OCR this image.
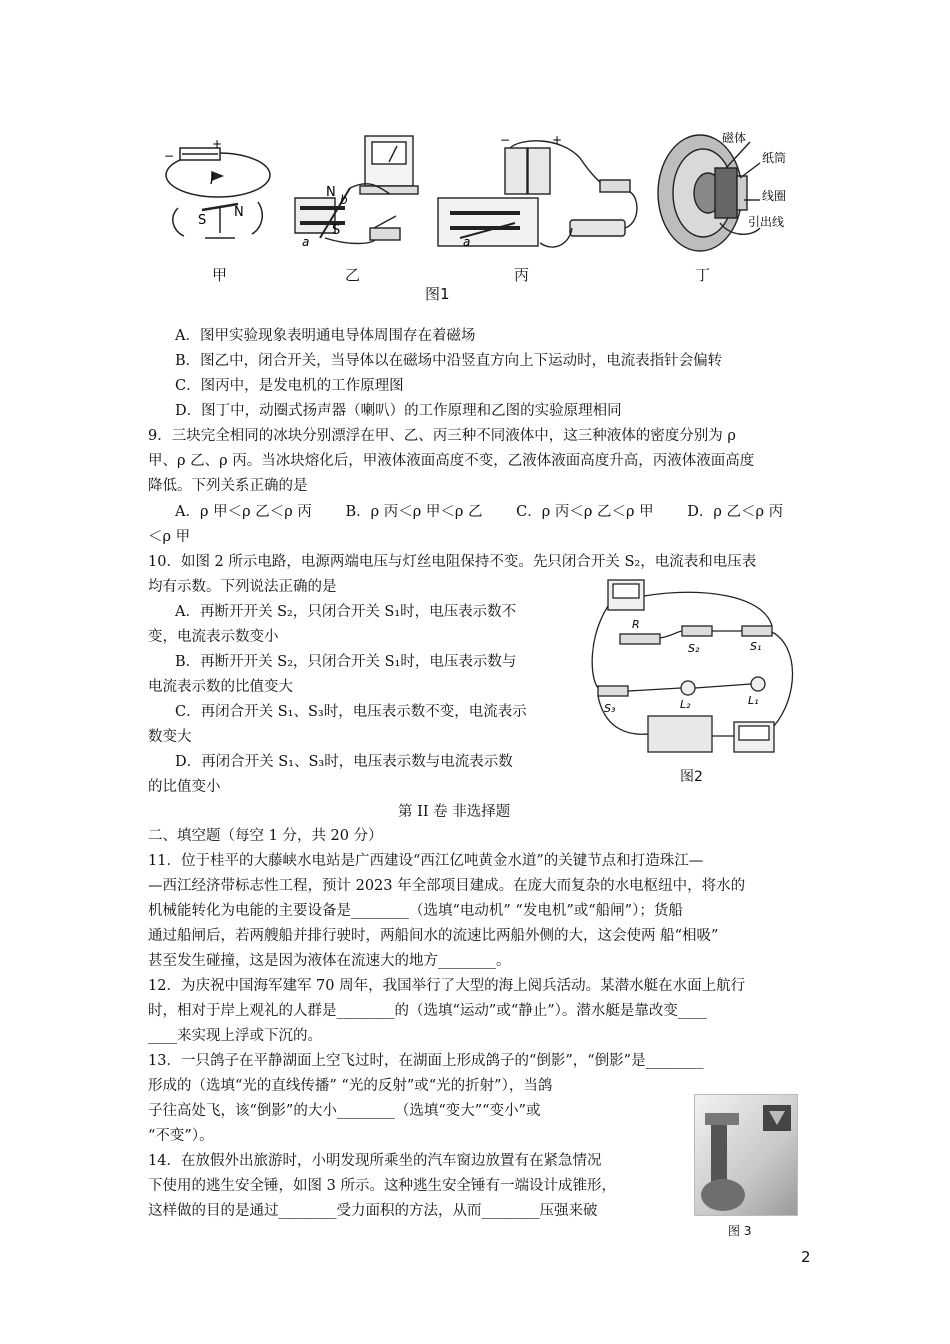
−
+
I
S
N
N b
S
a
−	+
a
磁体
纸筒
线圈
引出线
甲	乙	丙	丁
图1
A．图甲实验现象表明通电导体周围存在着磁场
B．图乙中，闭合开关，当导体以在磁场中沿竖直方向上下运动时，电流表指针会偏转
C．图丙中，是发电机的工作原理图
D．图丁中，动圈式扬声器（喇叭）的工作原理和乙图的实验原理相同
9．三块完全相同的冰块分别漂浮在甲、乙、丙三种不同液体中，这三种液体的密度分别为 ρ
甲、ρ 乙、ρ 丙。当冰块熔化后，甲液体液面高度不变，乙液体液面高度升高，丙液体液面高度
降低。下列关系正确的是
A．ρ 甲＜ρ 乙＜ρ 丙　　 B．ρ 丙＜ρ 甲＜ρ 乙　　 C．ρ 丙＜ρ 乙＜ρ 甲　　 D．ρ 乙＜ρ 丙
＜ρ 甲
10．如图 2 所示电路，电源两端电压与灯丝电阻保持不变。先只闭合开关 S₂，电流表和电压表
均有示数。下列说法正确的是
A．再断开开关 S₂，只闭合开关 S₁时，电压表示数不
变，电流表示数变小
B．再断开开关 S₂，只闭合开关 S₁时，电压表示数与
电流表示数的比值变大
C．再闭合开关 S₁、S₃时，电压表示数不变，电流表示
数变大
D．再闭合开关 S₁、S₃时，电压表示数与电流表示数
的比值变小
R
S₂	S₁
S₃	L₂	L₁
图2
第 II 卷 非选择题
二、填空题（每空 1 分，共 20 分）
11．位于桂平的大藤峡水电站是广西建设“西江亿吨黄金水道”的关键节点和打造珠江—
—西江经济带标志性工程，预计 2023 年全部项目建成。在庞大而复杂的水电枢纽中，将水的
机械能转化为电能的主要设备是________（选填“电动机” “发电机”或“船闸”）；货船
通过船闸后，若两艘船并排行驶时，两船间水的流速比两船外侧的大，这会使两 船“相吸”
甚至发生碰撞，这是因为液体在流速大的地方________。
12．为庆祝中国海军建军 70 周年，我国举行了大型的海上阅兵活动。某潜水艇在水面上航行
时，相对于岸上观礼的人群是________的（选填“运动”或“静止”）。潜水艇是靠改变____
____来实现上浮或下沉的。
13．一只鸽子在平静湖面上空飞过时，在湖面上形成鸽子的“倒影”，“倒影”是________
形成的（选填“光的直线传播” “光的反射”或“光的折射”），当鸽
子往高处飞，该“倒影”的大小________（选填“变大”“变小”或
“不变”）。
14．在放假外出旅游时，小明发现所乘坐的汽车窗边放置有在紧急情况
下使用的逃生安全锤，如图 3 所示。这种逃生安全锤有一端设计成锥形，
这样做的目的是通过________受力面积的方法，从而________压强来破
图 3
2
